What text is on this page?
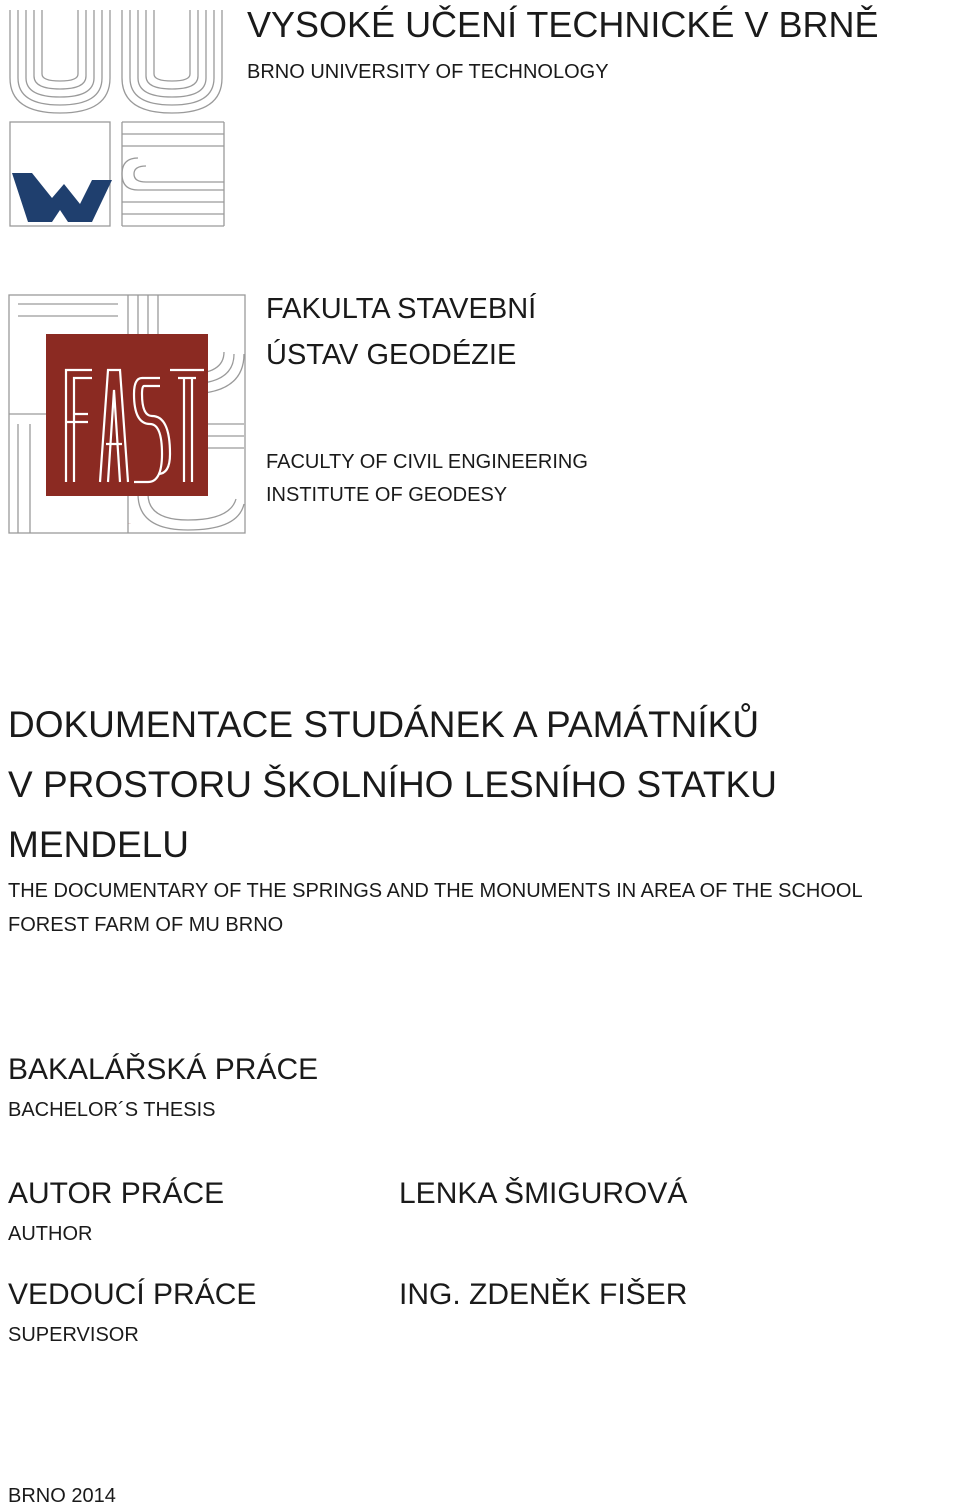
VYSOKÉ UČENÍ TECHNICKÉ V BRNĚ
BRNO UNIVERSITY OF TECHNOLOGY
FAST
FAKULTA STAVEBNÍ
ÚSTAV GEODÉZIE
FACULTY OF CIVIL ENGINEERING
INSTITUTE OF GEODESY
DOKUMENTACE STUDÁNEK A PAMÁTNÍKŮ
V PROSTORU ŠKOLNÍHO LESNÍHO STATKU
MENDELU
THE DOCUMENTARY OF THE SPRINGS AND THE MONUMENTS IN AREA OF THE SCHOOL
FOREST FARM OF MU BRNO
BAKALÁŘSKÁ PRÁCE
BACHELOR´S THESIS
AUTOR PRÁCE
AUTHOR
LENKA ŠMIGUROVÁ
VEDOUCÍ PRÁCE
SUPERVISOR
ING. ZDENĚK FIŠER
BRNO 2014
